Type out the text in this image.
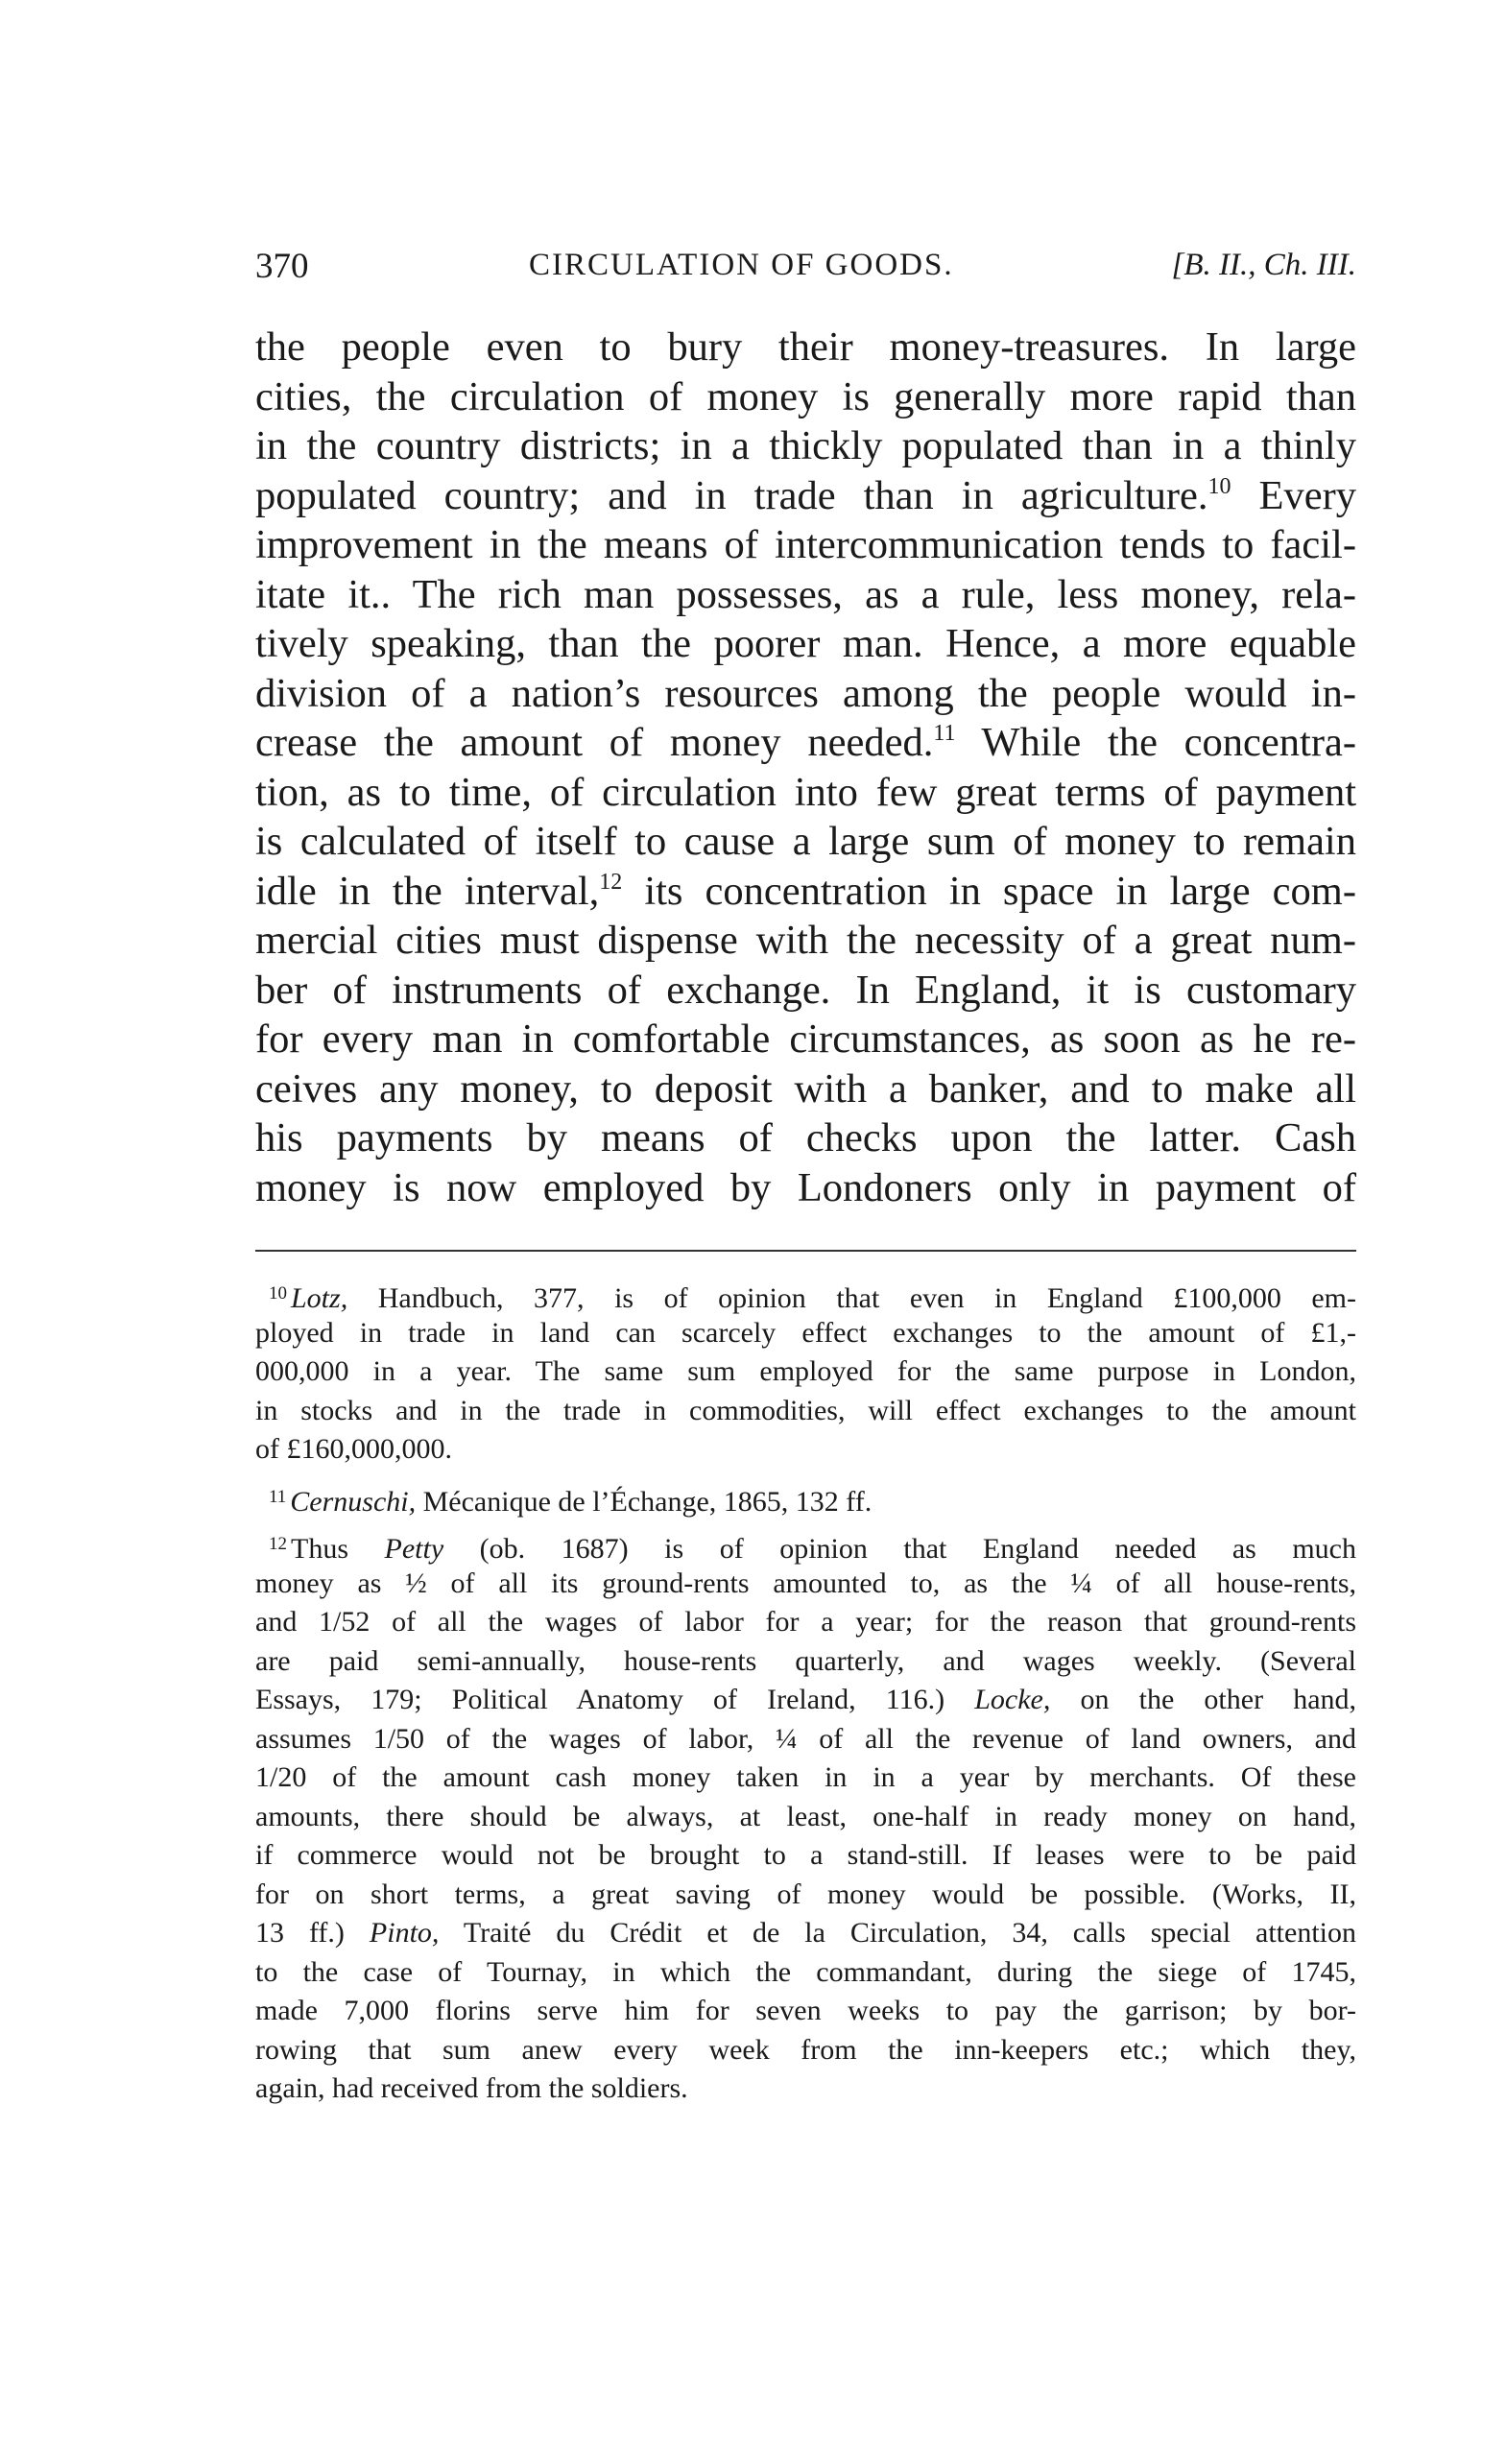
370	CIRCULATION OF GOODS.	[B. II., Ch. III.
the people even to bury their money-treasures. In large
cities, the circulation of money is generally more rapid than
in the country districts; in a thickly populated than in a thinly
populated country; and in trade than in agriculture.$^{10}$ Every
improvement in the means of intercommunication tends to facil-
itate it.. The rich man possesses, as a rule, less money, rela-
tively speaking, than the poorer man. Hence, a more equable
division of a nation’s resources among the people would in-
crease the amount of money needed.$^{11}$ While the concentra-
tion, as to time, of circulation into few great terms of payment
is calculated of itself to cause a large sum of money to remain
idle in the interval,$^{12}$ its concentration in space in large com-
mercial cities must dispense with the necessity of a great num-
ber of instruments of exchange. In England, it is customary
for every man in comfortable circumstances, as soon as he re-
ceives any money, to deposit with a banker, and to make all
his payments by means of checks upon the latter. Cash
money is now employed by Londoners only in payment of
$^{10}$ Lotz, Handbuch, 377, is of opinion that even in England £100,000 em-
ployed in trade in land can scarcely effect exchanges to the amount of £1,-
000,000 in a year. The same sum employed for the same purpose in London,
in stocks and in the trade in commodities, will effect exchanges to the amount
of £160,000,000.
$^{11}$ Cernuschi, Mécanique de l’Échange, 1865, 132 ff.
$^{12}$ Thus Petty (ob. 1687) is of opinion that England needed as much
money as ½ of all its ground-rents amounted to, as the ¼ of all house-rents,
and 1/52 of all the wages of labor for a year; for the reason that ground-rents
are paid semi-annually, house-rents quarterly, and wages weekly. (Several
Essays, 179; Political Anatomy of Ireland, 116.) Locke, on the other hand,
assumes 1/50 of the wages of labor, ¼ of all the revenue of land owners, and
1/20 of the amount cash money taken in in a year by merchants. Of these
amounts, there should be always, at least, one-half in ready money on hand,
if commerce would not be brought to a stand-still. If leases were to be paid
for on short terms, a great saving of money would be possible. (Works, II,
13 ff.) Pinto, Traité du Crédit et de la Circulation, 34, calls special attention
to the case of Tournay, in which the commandant, during the siege of 1745,
made 7,000 florins serve him for seven weeks to pay the garrison; by bor-
rowing that sum anew every week from the inn-keepers etc.; which they,
again, had received from the soldiers.
